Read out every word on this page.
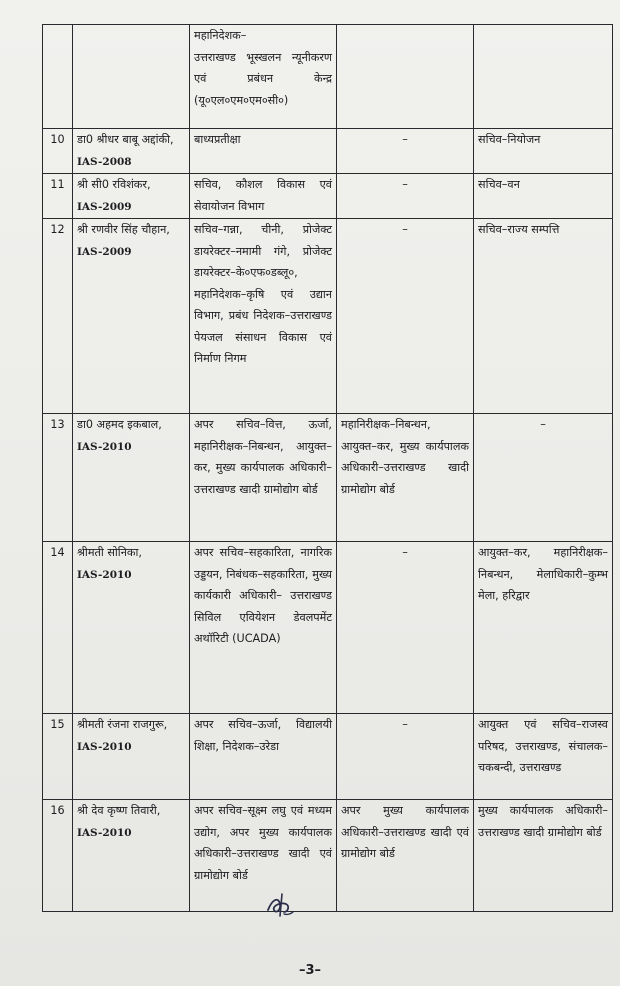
		महानिदेशक–
उत्तराखण्ड भूस्खलन न्यूनीकरण एवं प्रबंधन केन्द्र (यू०एल०एम०एम०सी०)		

10	डा0 श्रीधर बाबू अद्दांकी,
IAS-2008	बाध्यप्रतीक्षा	–	सचिव–नियोजन

11	श्री सी0 रविशंकर,
IAS-2009	सचिव, कौशल विकास एवं सेवायोजन विभाग	–	सचिव–वन

12	श्री रणवीर सिंह चौहान,
IAS-2009	सचिव–गन्ना, चीनी, प्रोजेक्ट डायरेक्टर–नमामी गंगे, प्रोजेक्ट डायरेक्टर–के०एफ०डब्लू०, महानिदेशक–कृषि एवं उद्यान विभाग, प्रबंध निदेशक–उत्तराखण्ड पेयजल संसाधन विकास एवं निर्माण निगम	–	सचिव–राज्य सम्पत्ति

13	डा0 अहमद इकबाल,
IAS-2010	अपर सचिव–वित्त, ऊर्जा, महानिरीक्षक–निबन्धन, आयुक्त–कर, मुख्य कार्यपालक अधिकारी–उत्तराखण्ड खादी ग्रामोद्योग बोर्ड	महानिरीक्षक–निबन्धन, आयुक्त–कर, मुख्य कार्यपालक अधिकारी–उत्तराखण्ड खादी ग्रामोद्योग बोर्ड	–

14	श्रीमती सोनिका,
IAS-2010	अपर सचिव–सहकारिता, नागरिक उड्डयन, निबंधक–सहकारिता, मुख्य कार्यकारी अधिकारी– उत्तराखण्ड सिविल एवियेशन डेवलपमेंट अथॉरिटी (UCADA)	–	आयुक्त–कर, महानिरीक्षक–निबन्धन, मेलाधिकारी–कुम्भ मेला, हरिद्वार

15	श्रीमती रंजना राजगुरू,
IAS-2010	अपर सचिव–ऊर्जा, विद्यालयी शिक्षा, निदेशक–उरेडा	–	आयुक्त एवं सचिव–राजस्व परिषद, उत्तराखण्ड, संचालक–चकबन्दी, उत्तराखण्ड

16	श्री देव कृष्ण तिवारी,
IAS-2010	अपर सचिव–सूक्ष्म लघु एवं मध्यम उद्योग, अपर मुख्य कार्यपालक अधिकारी–उत्तराखण्ड खादी एवं ग्रामोद्योग बोर्ड	अपर मुख्य कार्यपालक अधिकारी–उत्तराखण्ड खादी एवं ग्रामोद्योग बोर्ड	मुख्य कार्यपालक अधिकारी–उत्तराखण्ड खादी ग्रामोद्योग बोर्ड
–3–
